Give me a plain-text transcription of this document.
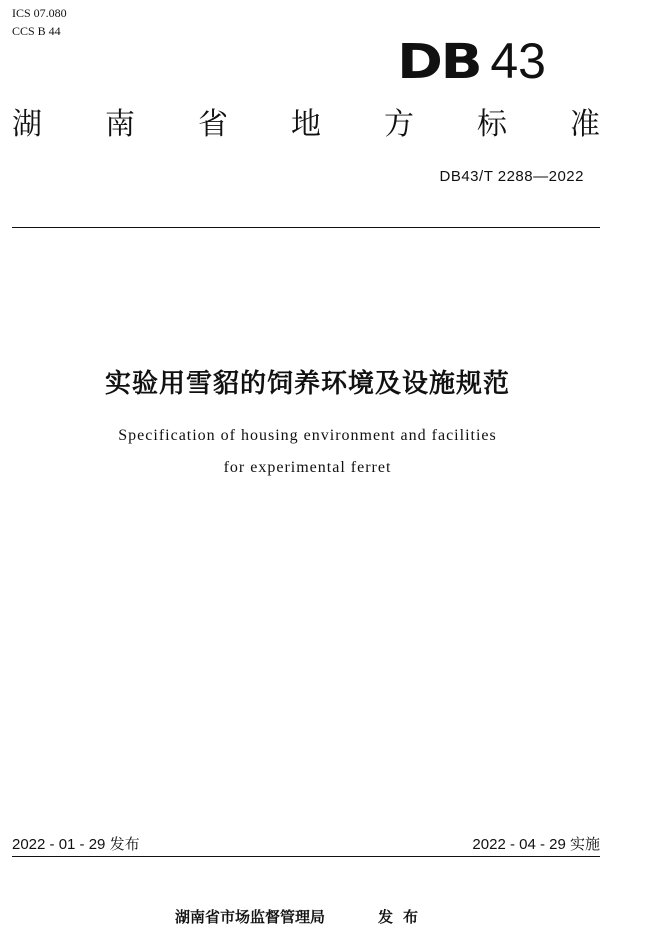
ICS 07.080
CCS B 44
DB 43
湖 南 省 地 方 标 准
DB43/T 2288—2022
实验用雪貂的饲养环境及设施规范
Specification of housing environment and facilities
for experimental ferret
2022 - 01 - 29 发布	2022 - 04 - 29 实施
湖南省市场监督管理局	发布
